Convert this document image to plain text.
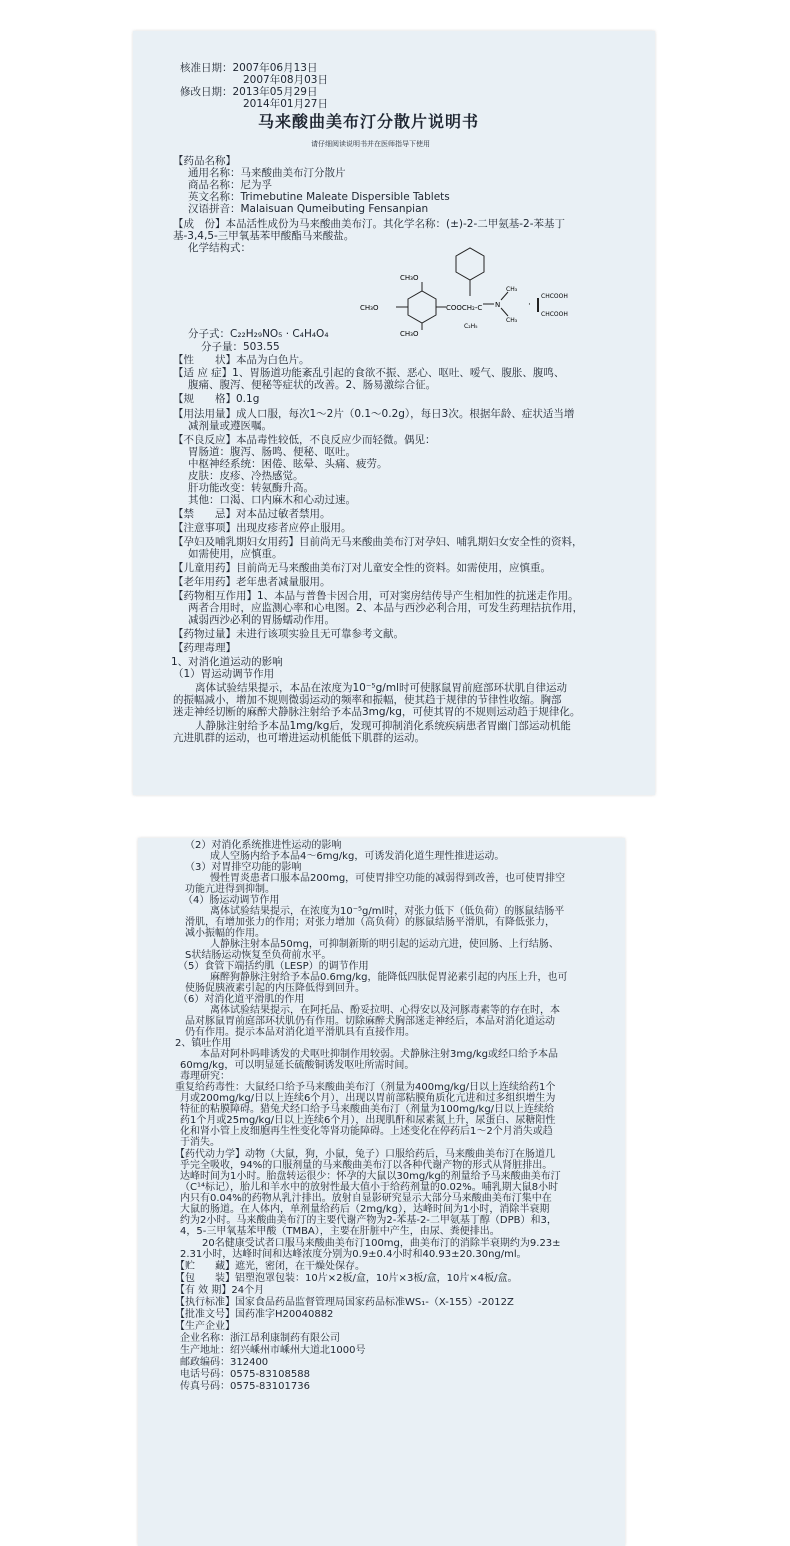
核准日期：2007年06月13日
2007年08月03日
修改日期：2013年05月29日
2014年01月27日
马来酸曲美布汀分散片说明书
请仔细阅读说明书并在医师指导下使用
【药品名称】
通用名称：马来酸曲美布汀分散片
商品名称：尼为孚
英文名称：Trimebutine Maleate Dispersible Tablets
汉语拼音：Malaisuan Qumeibuting Fensanpian
【成　份】本品活性成份为马来酸曲美布汀。其化学名称：(±)-2-二甲氨基-2-苯基丁
基-3,4,5-三甲氧基苯甲酸酯马来酸盐。
化学结构式：
分子式：C₂₂H₂₉NO₅ · C₄H₄O₄
分子量：503.55
【性　　状】本品为白色片。
【适 应 症】1、胃肠道功能紊乱引起的食欲不振、恶心、呕吐、嗳气、腹胀、腹鸣、
腹痛、腹泻、便秘等症状的改善。2、肠易激综合征。
【规　　格】0.1g
【用法用量】成人口服，每次1～2片（0.1～0.2g），每日3次。根据年龄、症状适当增
减剂量或遵医嘱。
【不良反应】本品毒性较低，不良反应少而轻微。偶见：
胃肠道：腹泻、肠鸣、便秘、呕吐。
中枢神经系统：困倦、眩晕、头痛、疲劳。
皮肤：皮疹、冷热感觉。
肝功能改变：转氨酶升高。
其他：口渴、口内麻木和心动过速。
【禁　　忌】对本品过敏者禁用。
【注意事项】出现皮疹者应停止服用。
【孕妇及哺乳期妇女用药】目前尚无马来酸曲美布汀对孕妇、哺乳期妇女安全性的资料，
如需使用，应慎重。
【儿童用药】目前尚无马来酸曲美布汀对儿童安全性的资料。如需使用，应慎重。
【老年用药】老年患者减量服用。
【药物相互作用】1、本品与普鲁卡因合用，可对窦房结传导产生相加性的抗迷走作用。
两者合用时，应监测心率和心电图。2、本品与西沙必利合用，可发生药理拮抗作用，
减弱西沙必利的胃肠蠕动作用。
【药物过量】未进行该项实验且无可靠参考文献。
【药理毒理】
1、对消化道运动的影响
（1）胃运动调节作用
离体试验结果提示，本品在浓度为10⁻⁵g/ml时可使豚鼠胃前庭部环状肌自律运动
的振幅减小，增加不规则微弱运动的频率和振幅，使其趋于规律的节律性收缩。胸部
迷走神经切断的麻醉犬静脉注射给予本品3mg/kg，可使其胃的不规则运动趋于规律化。
人静脉注射给予本品1mg/kg后，发现可抑制消化系统疾病患者胃幽门部运动机能
亢进肌群的运动，也可增进运动机能低下肌群的运动。
CH₃O
CH₃O
CH₃O
COOCH₂-C N
CH₃
CH₃
C₂H₅
·
CHCOOH
CHCOOH
（2）对消化系统推进性运动的影响
成人空肠内给予本品4～6mg/kg，可诱发消化道生理性推进运动。
（3）对胃排空功能的影响
慢性胃炎患者口服本品200mg，可使胃排空功能的减弱得到改善，也可使胃排空
功能亢进得到抑制。
（4）肠运动调节作用
离体试验结果提示，在浓度为10⁻⁵g/ml时，对张力低下（低负荷）的豚鼠结肠平
滑肌，有增加张力的作用；对张力增加（高负荷）的豚鼠结肠平滑肌，有降低张力，
减小振幅的作用。
人静脉注射本品50mg，可抑制新斯的明引起的运动亢进，使回肠、上行结肠、
S状结肠运动恢复至负荷前水平。
（5）食管下端括约肌（LESP）的调节作用
麻醉狗静脉注射给予本品0.6mg/kg，能降低四肽促胃泌素引起的内压上升，也可
使肠促胰液素引起的内压降低得到回升。
（6）对消化道平滑肌的作用
离体试验结果提示，在阿托品、酚妥拉明、心得安以及河豚毒素等的存在时，本
品对豚鼠胃前庭部环状肌仍有作用。切除麻醉犬胸部迷走神经后，本品对消化道运动
仍有作用。提示本品对消化道平滑肌具有直接作用。
2、镇吐作用
本品对阿朴吗啡诱发的犬呕吐抑制作用较弱。犬静脉注射3mg/kg或经口给予本品
60mg/kg，可以明显延长硫酸铜诱发呕吐所需时间。
毒理研究：
重复给药毒性：大鼠经口给予马来酸曲美布汀（剂量为400mg/kg/日以上连续给药1个
月或200mg/kg/日以上连续6个月），出现以胃前部粘膜角质化亢进和过多组织增生为
特征的粘膜障碍。猎兔犬经口给予马来酸曲美布汀（剂量为100mg/kg/日以上连续给
药1个月或25mg/kg/日以上连续6个月），出现肌酐和尿素氮上升，尿蛋白、尿糖阳性
化和肾小管上皮细胞再生性变化等肾功能障碍。上述变化在停药后1～2个月消失或趋
于消失。
【药代动力学】动物（大鼠，狗，小鼠，兔子）口服给药后，马来酸曲美布汀在肠道几
乎完全吸收，94%的口服剂量的马来酸曲美布汀以各种代谢产物的形式从肾脏排出。
达峰时间为1小时。胎盘转运很少：怀孕的大鼠以30mg/kg的剂量给予马来酸曲美布汀
（C¹⁴标记），胎儿和羊水中的放射性最大值小于给药剂量的0.02%。哺乳期大鼠8小时
内只有0.04%的药物从乳汁排出。放射自显影研究显示大部分马来酸曲美布汀集中在
大鼠的肠道。在人体内，单剂量给药后（2mg/kg），达峰时间为1小时，消除半衰期
约为2小时。马来酸曲美布汀的主要代谢产物为2-苯基-2-二甲氨基丁醇（DPB）和3，
4，5-三甲氧基苯甲酸（TMBA），主要在肝脏中产生，由尿、粪便排出。
20名健康受试者口服马来酸曲美布汀100mg，曲美布汀的消除半衰期约为9.23±
2.31小时，达峰时间和达峰浓度分别为0.9±0.4小时和40.93±20.30ng/ml。
【贮　　藏】遮光，密闭，在干燥处保存。
【包　　装】铝塑泡罩包装：10片×2板/盒，10片×3板/盒，10片×4板/盒。
【有 效 期】24个月
【执行标准】国家食品药品监督管理局国家药品标准WS₁-（X-155）-2012Z
【批准文号】国药准字H20040882
【生产企业】
企业名称：浙江昂利康制药有限公司
生产地址：绍兴嵊州市嵊州大道北1000号
邮政编码：312400
电话号码：0575-83108588
传真号码：0575-83101736
